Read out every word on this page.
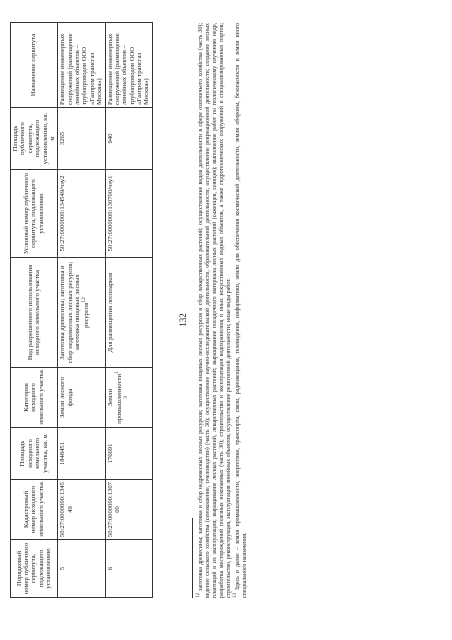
Порядковый номер публичного сервитута, подлежащего установлению	Кадастровый номер исходного земельного участка	Площадь исходного земельного участка, кв. м	Категория исходного земельного участка	Вид разрешенного использования исходного земельного участка	Условный номер публичного сервитута, подлежащего установлению	Площадь публичного сервитута, подлежащего установлению, кв. м	Назначение сервитута
5	50:27:0000000:134549	1848451	Земли лесного фонда	Заготовка древесины; заготовка и сбор недревесных лесных ресурсов; заготовка пищевых лесных ресурсов$^{12}$	50:27:0000000:134549/чзу2	3265	Размещение инженерных сооружений (размещение линейных объектов – трубопроводов ООО «Газпром трансгаз Москва»)
6	50:27:0000000:130700	176691	Земли промышленности$^{13}$	Для размещения лесопарков	50:27:0000000:130700/чзу1	940	Размещение инженерных сооружений (размещение линейных объектов – трубопроводов ООО «Газпром трансгаз Москва»)
132

$^{12}$ заготовка древесины; заготовка и сбор недревесных лесных ресурсов; заготовка пищевых лесных ресурсов и сбор лекарственных растений; осуществление видов деятельности в сфере охотничьего хозяйства (часть 30); ведение сельского хозяйства (сенокошение, пчеловодство) (часть 30); осуществление научно-исследовательской деятельности, образовательной деятельности; осуществление рекреационной деятельности; создание лесных плантаций и их эксплуатация; выращивание лесных растений, лекарственных растений; выращивание посадочного материала лесных растений (саженцев, сеянцев); выполнение работ по геологическому изучению недр, разработка месторождений полезных ископаемых (часть 30); строительство и эксплуатация водохранилищ и иных искусственных водных объектов, а также гидротехнических сооружений и специализированных портов; строительство, реконструкция, эксплуатация линейных объектов; осуществление религиозной деятельности; иные виды работ. $^{13}$ Здесь и далее – земли промышленности, энергетики, транспорта, связи, радиовещания, телевидения, информатики, земли для обеспечения космической деятельности, земли обороны, безопасности и земли иного специального назначения.
